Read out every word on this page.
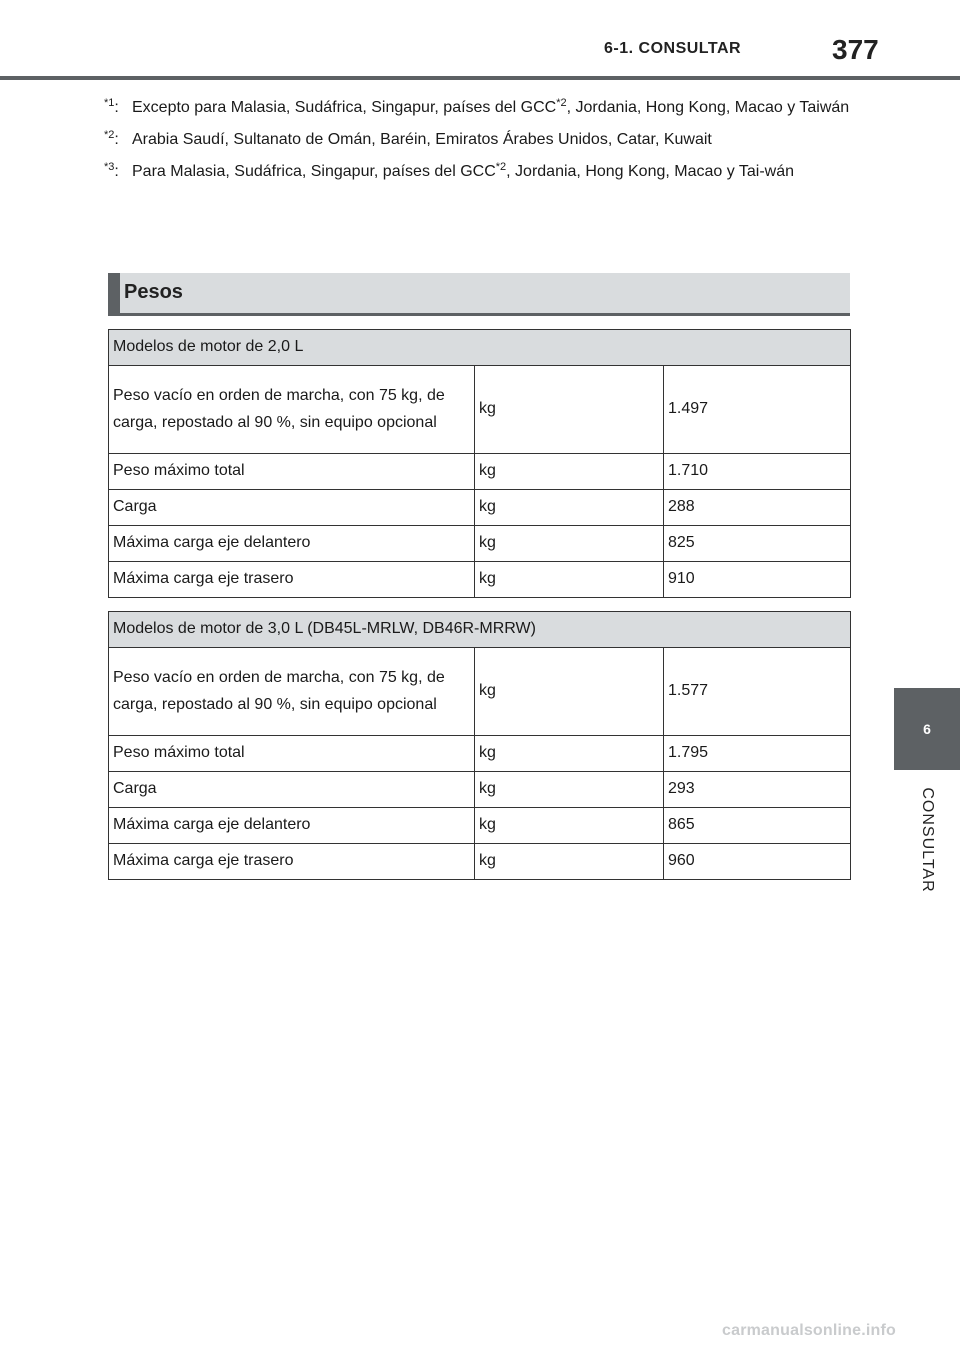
6-1. CONSULTAR	377
$^{*1}$: Excepto para Malasia, Sudáfrica, Singapur, países del GCC$^{*2}$, Jordania, Hong Kong, Macao y Taiwán
$^{*2}$: Arabia Saudí, Sultanato de Omán, Baréin, Emiratos Árabes Unidos, Catar, Kuwait
$^{*3}$: Para Malasia, Sudáfrica, Singapur, países del GCC$^{*2}$, Jordania, Hong Kong, Macao y Tai-wán
Pesos
Modelos de motor de 2,0 L		
Peso vacío en orden de marcha, con 75 kg, de carga, repostado al 90 %, sin equipo opcional	kg	1.497
Peso máximo total	kg	1.710
Carga	kg	288
Máxima carga eje delantero	kg	825
Máxima carga eje trasero	kg	910
Modelos de motor de 3,0 L (DB45L-MRLW, DB46R-MRRW)		
Peso vacío en orden de marcha, con 75 kg, de carga, repostado al 90 %, sin equipo opcional	kg	1.577
Peso máximo total	kg	1.795
Carga	kg	293
Máxima carga eje delantero	kg	865
Máxima carga eje trasero	kg	960
6
CONSULTAR
carmanualsonline.info
